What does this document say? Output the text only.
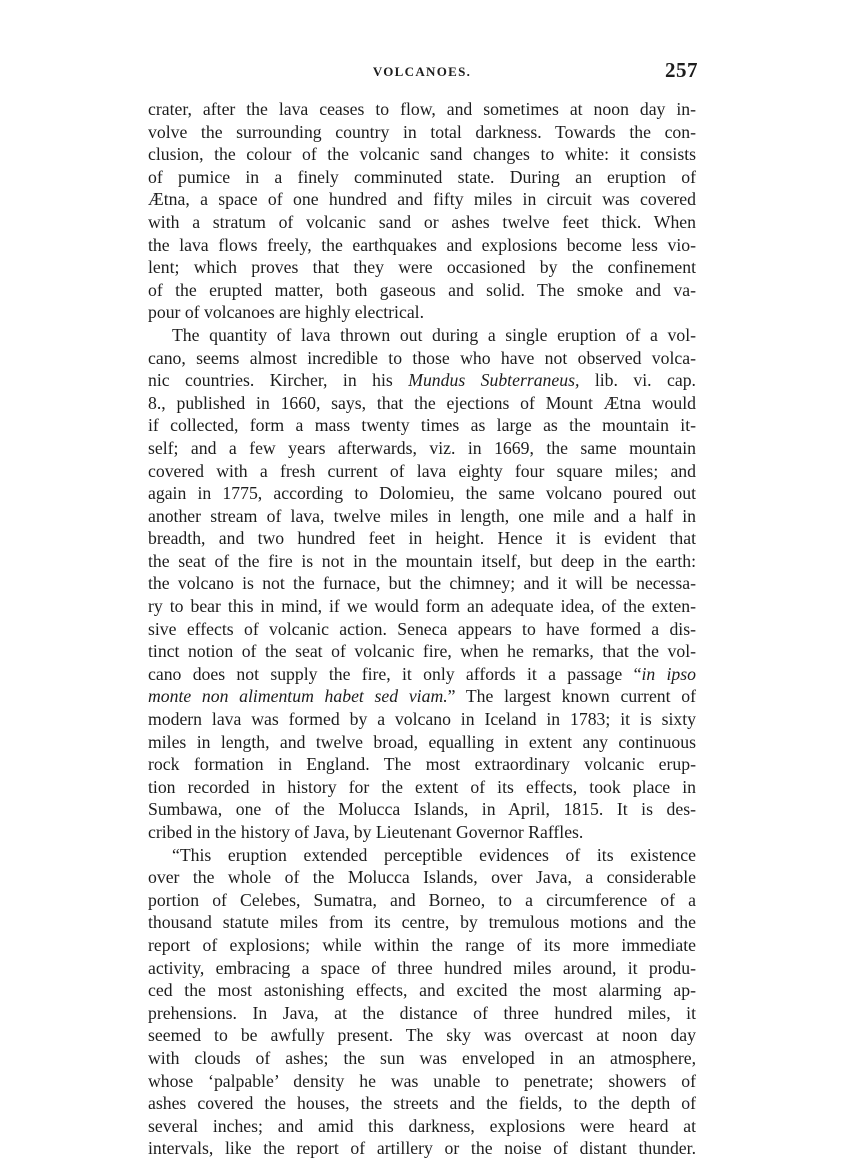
VOLCANOES.	257
crater, after the lava ceases to flow, and sometimes at noon day in-
volve the surrounding country in total darkness. Towards the con-
clusion, the colour of the volcanic sand changes to white: it consists
of pumice in a finely comminuted state. During an eruption of
Ætna, a space of one hundred and fifty miles in circuit was covered
with a stratum of volcanic sand or ashes twelve feet thick. When
the lava flows freely, the earthquakes and explosions become less vio-
lent; which proves that they were occasioned by the confinement
of the erupted matter, both gaseous and solid. The smoke and va-
pour of volcanoes are highly electrical.
The quantity of lava thrown out during a single eruption of a vol-
cano, seems almost incredible to those who have not observed volca-
nic countries. Kircher, in his Mundus Subterraneus, lib. vi. cap.
8., published in 1660, says, that the ejections of Mount Ætna would
if collected, form a mass twenty times as large as the mountain it-
self; and a few years afterwards, viz. in 1669, the same mountain
covered with a fresh current of lava eighty four square miles; and
again in 1775, according to Dolomieu, the same volcano poured out
another stream of lava, twelve miles in length, one mile and a half in
breadth, and two hundred feet in height. Hence it is evident that
the seat of the fire is not in the mountain itself, but deep in the earth:
the volcano is not the furnace, but the chimney; and it will be necessa-
ry to bear this in mind, if we would form an adequate idea, of the exten-
sive effects of volcanic action. Seneca appears to have formed a dis-
tinct notion of the seat of volcanic fire, when he remarks, that the vol-
cano does not supply the fire, it only affords it a passage “in ipso
monte non alimentum habet sed viam.” The largest known current of
modern lava was formed by a volcano in Iceland in 1783; it is sixty
miles in length, and twelve broad, equalling in extent any continuous
rock formation in England. The most extraordinary volcanic erup-
tion recorded in history for the extent of its effects, took place in
Sumbawa, one of the Molucca Islands, in April, 1815. It is des-
cribed in the history of Java, by Lieutenant Governor Raffles.
“This eruption extended perceptible evidences of its existence
over the whole of the Molucca Islands, over Java, a considerable
portion of Celebes, Sumatra, and Borneo, to a circumference of a
thousand statute miles from its centre, by tremulous motions and the
report of explosions; while within the range of its more immediate
activity, embracing a space of three hundred miles around, it produ-
ced the most astonishing effects, and excited the most alarming ap-
prehensions. In Java, at the distance of three hundred miles, it
seemed to be awfully present. The sky was overcast at noon day
with clouds of ashes; the sun was enveloped in an atmosphere,
whose ‘palpable’ density he was unable to penetrate; showers of
ashes covered the houses, the streets and the fields, to the depth of
several inches; and amid this darkness, explosions were heard at
intervals, like the report of artillery or the noise of distant thunder.
